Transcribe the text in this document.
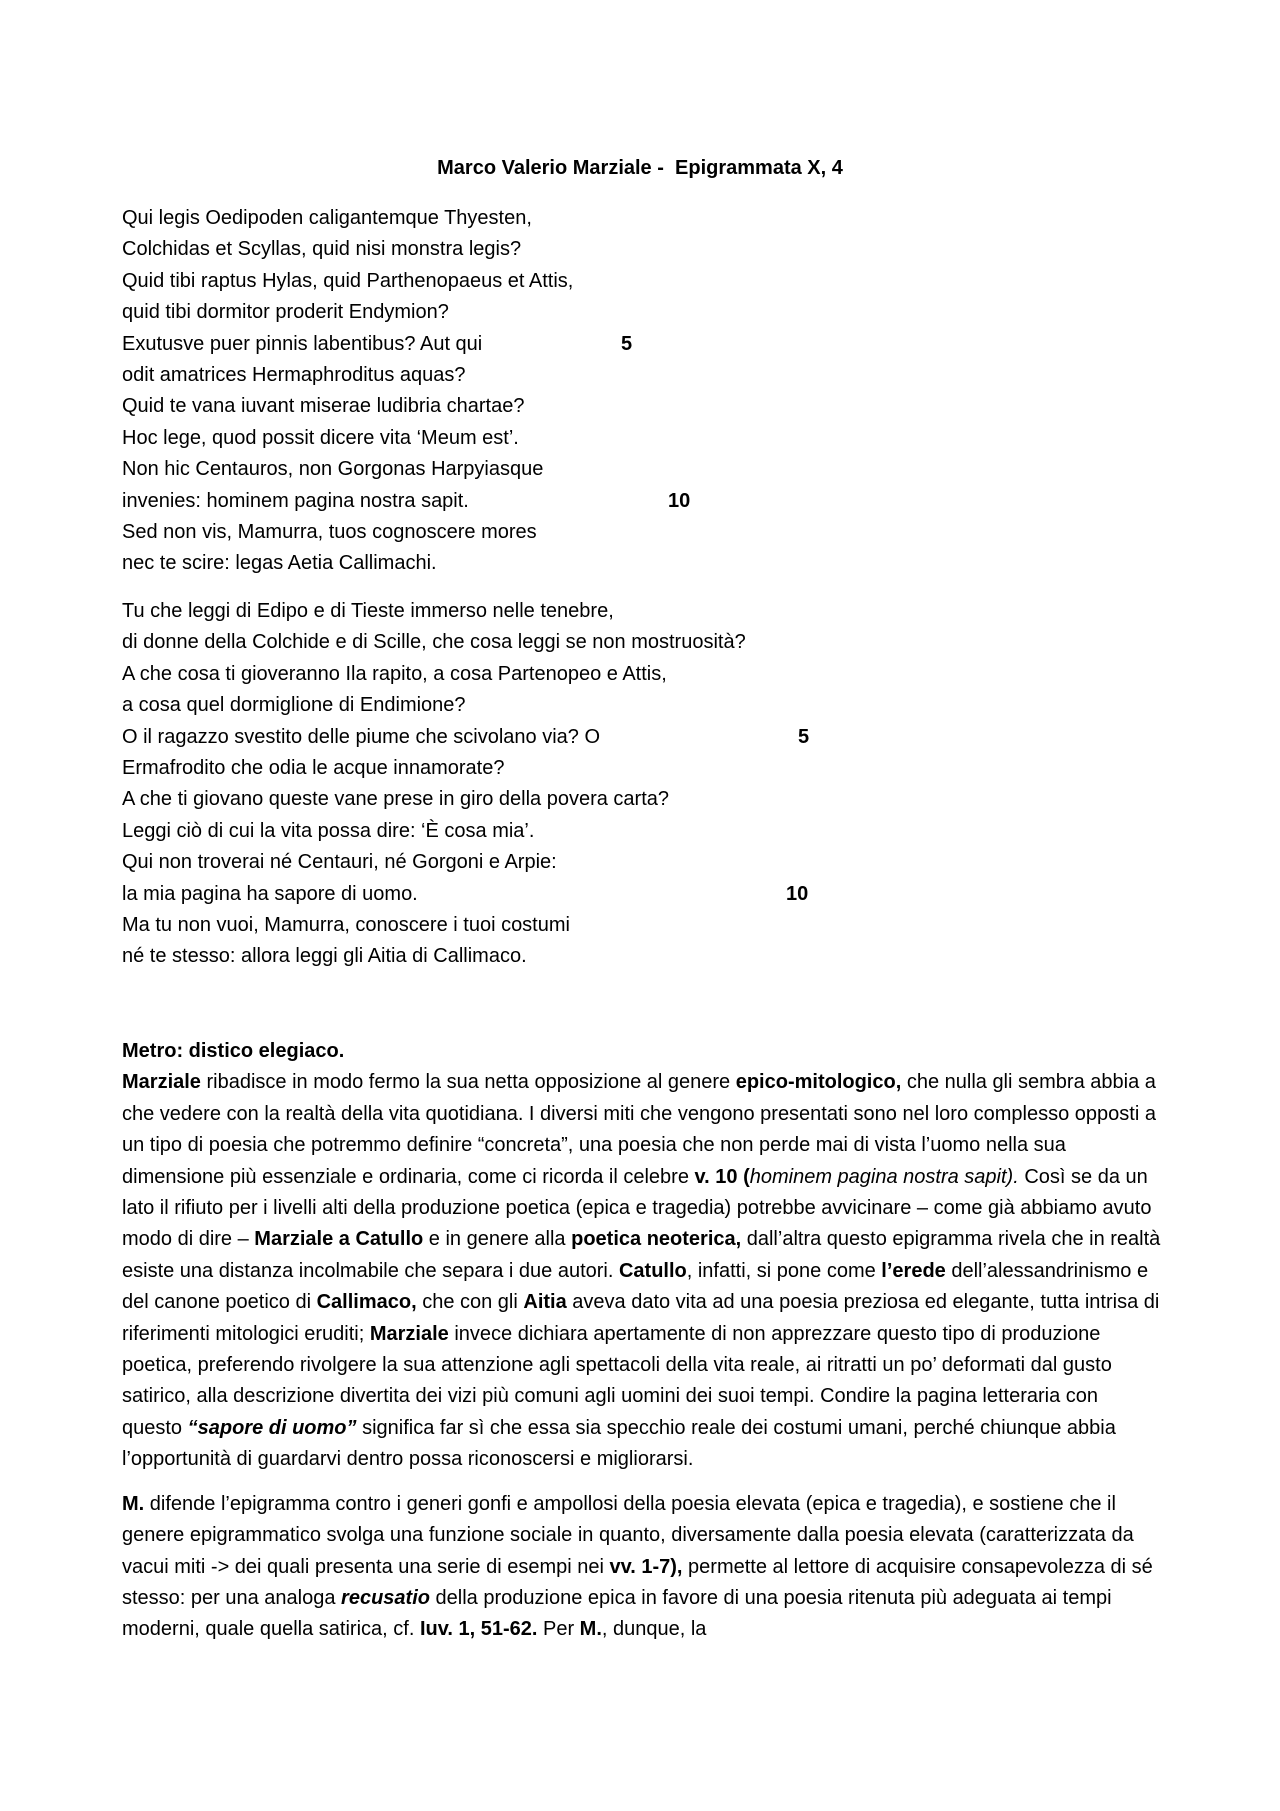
Marco Valerio Marziale -  Epigrammata X, 4
Qui legis Oedipoden caligantemque Thyesten,
Colchidas et Scyllas, quid nisi monstra legis?
Quid tibi raptus Hylas, quid Parthenopaeus et Attis,
quid tibi dormitor proderit Endymion?
Exutusve puer pinnis labentibus? Aut qui	5
odit amatrices Hermaphroditus aquas?
Quid te vana iuvant miserae ludibria chartae?
Hoc lege, quod possit dicere vita ‘Meum est’.
Non hic Centauros, non Gorgonas Harpyiasque
invenies: hominem pagina nostra sapit.	10
Sed non vis, Mamurra, tuos cognoscere mores
nec te scire: legas Aetia Callimachi.
Tu che leggi di Edipo e di Tieste immerso nelle tenebre,
di donne della Colchide e di Scille, che cosa leggi se non mostruosità?
A che cosa ti gioveranno Ila rapito, a cosa Partenopeo e Attis,
a cosa quel dormiglione di Endimione?
O il ragazzo svestito delle piume che scivolano via? O	5
Ermafrodito che odia le acque innamorate?
A che ti giovano queste vane prese in giro della povera carta?
Leggi ciò di cui la vita possa dire: ‘È cosa mia’.
Qui non troverai né Centauri, né Gorgoni e Arpie:
la mia pagina ha sapore di uomo.	10
Ma tu non vuoi, Mamurra, conoscere i tuoi costumi
né te stesso: allora leggi gli Aitia di Callimaco.

Metro: distico elegiaco.
Marziale ribadisce in modo fermo la sua netta opposizione al genere epico-mitologico, che nulla gli sembra abbia a che vedere con la realtà della vita quotidiana. I diversi miti che vengono presentati sono nel loro complesso opposti a un tipo di poesia che potremmo definire “concreta”, una poesia che non perde mai di vista l’uomo nella sua dimensione più essenziale e ordinaria, come ci ricorda il celebre v. 10 (hominem pagina nostra sapit). Così se da un lato il rifiuto per i livelli alti della produzione poetica (epica e tragedia) potrebbe avvicinare – come già abbiamo avuto modo di dire – Marziale a Catullo e in genere alla poetica neoterica, dall’altra questo epigramma rivela che in realtà esiste una distanza incolmabile che separa i due autori. Catullo, infatti, si pone come l’erede dell’alessandrinismo e del canone poetico di Callimaco, che con gli Aitia aveva dato vita ad una poesia preziosa ed elegante, tutta intrisa di riferimenti mitologici eruditi; Marziale invece dichiara apertamente di non apprezzare questo tipo di produzione poetica, preferendo rivolgere la sua attenzione agli spettacoli della vita reale, ai ritratti un po’ deformati dal gusto satirico, alla descrizione divertita dei vizi più comuni agli uomini dei suoi tempi. Condire la pagina letteraria con questo “sapore di uomo” significa far sì che essa sia specchio reale dei costumi umani, perché chiunque abbia l’opportunità di guardarvi dentro possa riconoscersi e migliorarsi.

M. difende l’epigramma contro i generi gonfi e ampollosi della poesia elevata (epica e tragedia), e sostiene che il genere epigrammatico svolga una funzione sociale in quanto, diversamente dalla poesia elevata (caratterizzata da vacui miti -> dei quali presenta una serie di esempi nei vv. 1-7), permette al lettore di acquisire consapevolezza di sé stesso: per una analoga recusatio della produzione epica in favore di una poesia ritenuta più adeguata ai tempi moderni, quale quella satirica, cf. Iuv. 1, 51-62. Per M., dunque, la
